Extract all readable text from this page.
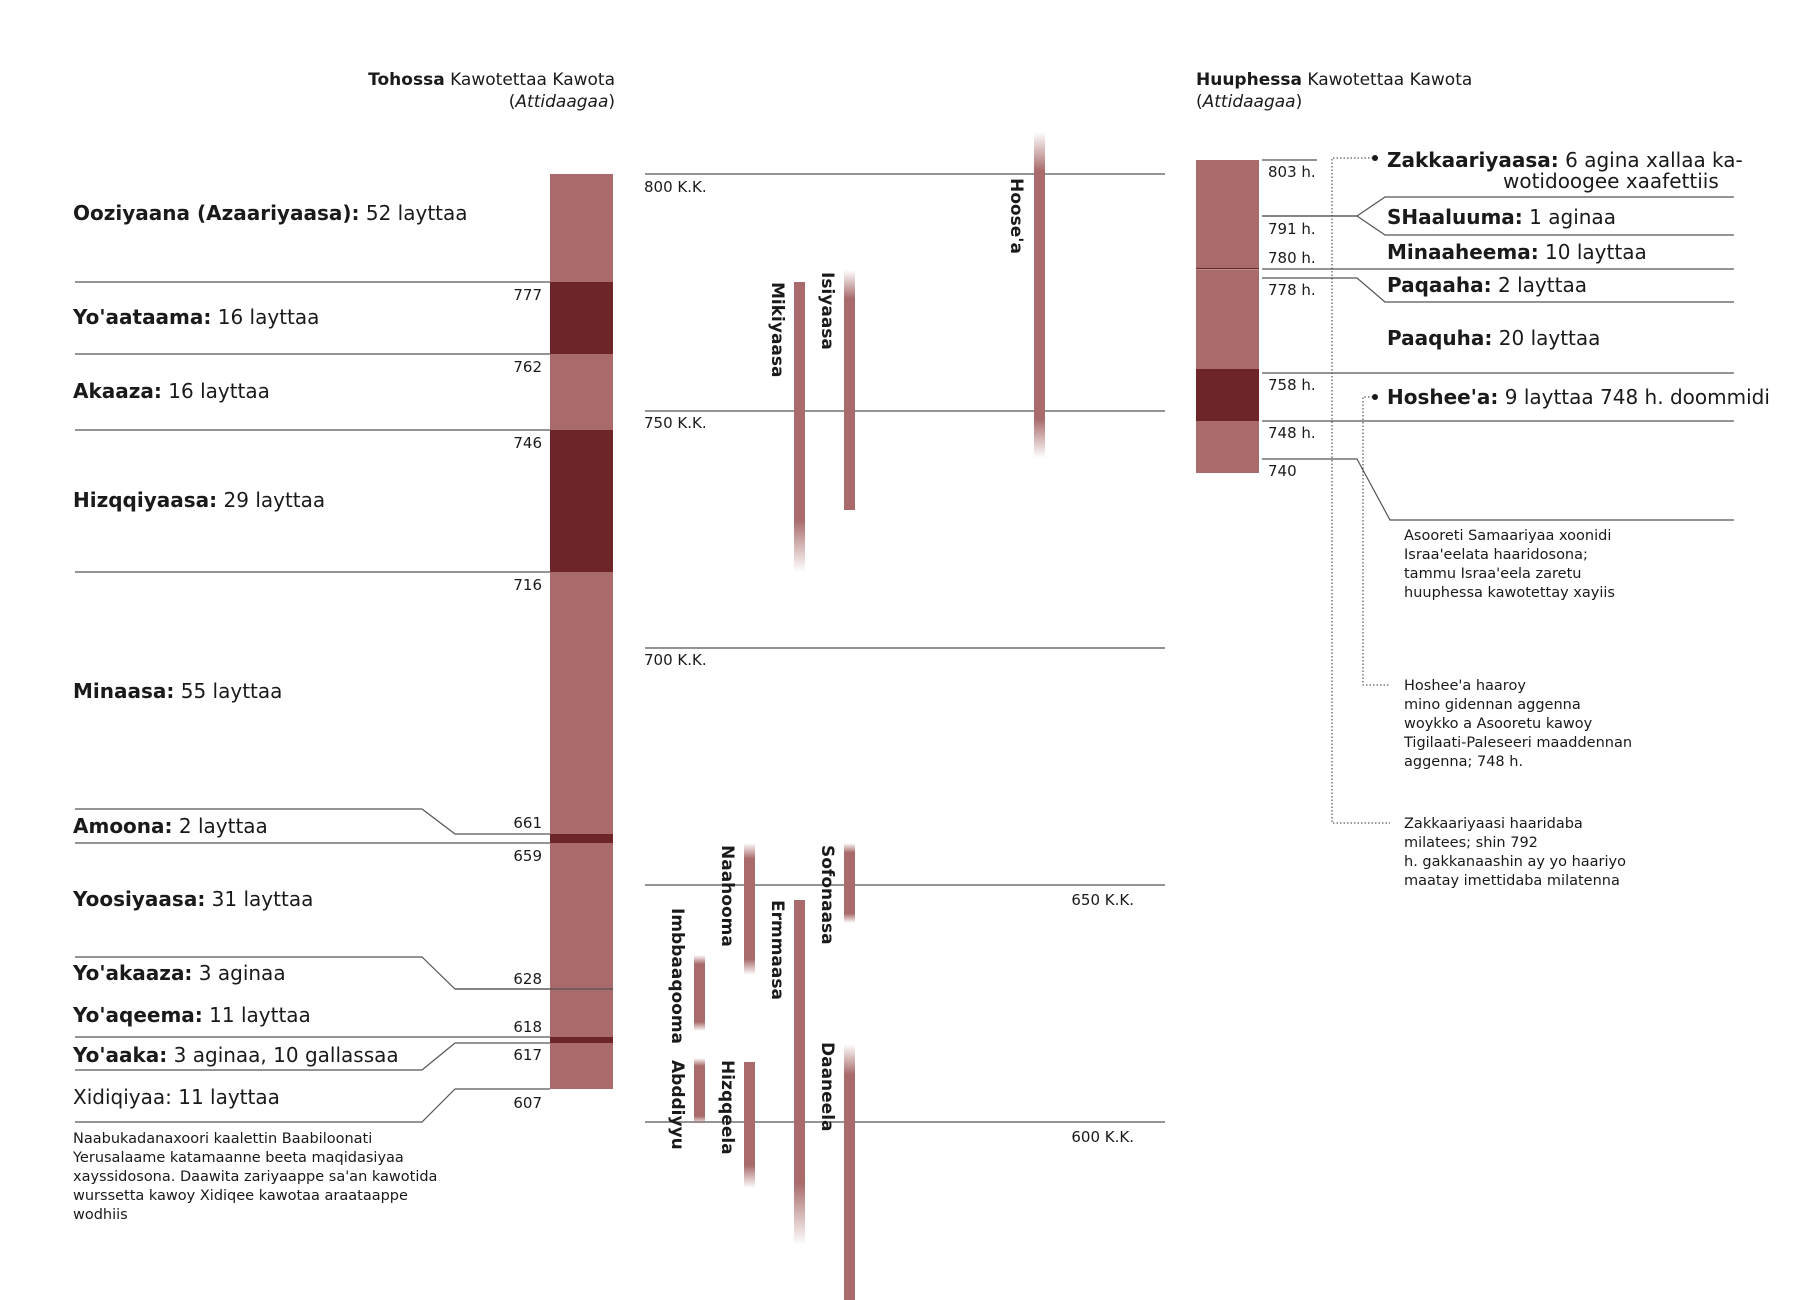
Tohossa Kawotettaa Kawota
(Attidaagaa)
Huuphessa Kawotettaa Kawota
(Attidaagaa)
Ooziyaana (Azaariyaasa): 52 layttaa
Yo'aataama: 16 layttaa
Akaaza: 16 layttaa
Hizqqiyaasa: 29 layttaa
Minaasa: 55 layttaa
Amoona: 2 layttaa
Yoosiyaasa: 31 layttaa
Yo'akaaza: 3 aginaa
Yo'aqeema: 11 layttaa
Yo'aaka: 3 aginaa, 10 gallassaa
Xidiqiyaa: 11 layttaa
777
762
746
716
661
659
628
618
617
607
Naabukadanaxoori kaalettin Baabiloonati Yerusalaame katamaanne beeta maqidasiyaa xayssidosona. Daawita zariyaappe sa'an kawotida wurssetta kawoy Xidiqee kawotaa araataappe wodhiis
800 K.K.
750 K.K.
700 K.K.
650 K.K.
600 K.K.
Hoose'a
Isiyaasa
Mikiyaasa
Naahooma	Sofonaasa
Ermmaasa
Imbbaaqooma
Abddiyyu Hizqqeela	Daaneela
803 h.
791 h.
780 h.
778 h.
758 h.
748 h.
740
Zakkaariyaasa: 6 agina xallaa ka-
wotidoogee xaafettiis
SHaaluuma: 1 aginaa
Minaaheema: 10 layttaa
Paqaaha: 2 layttaa
Paaquha: 20 layttaa
Hoshee'a: 9 layttaa 748 h. doommidi
Asooreti Samaariyaa xoonidi Israa'eelata haaridosona; tammu Israa'eela zaretu huuphessa kawotettay xayiis
Hoshee'a haaroy mino gidennan aggenna woykko a Asooretu kawoy Tigilaati-Paleseeri maaddennan aggenna; 748 h.
Zakkaariyaasi haaridaba milatees; shin 792 h. gakkanaashin ay yo haariyo maatay imettidaba milatenna
